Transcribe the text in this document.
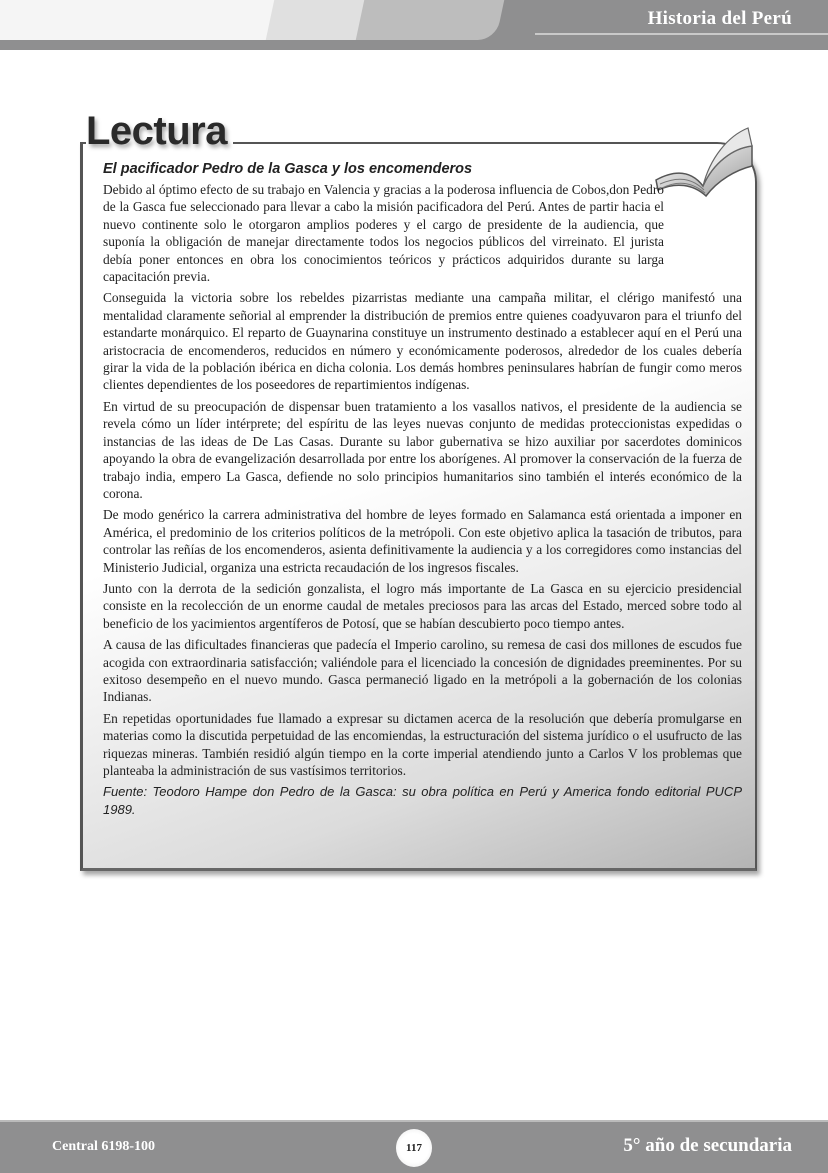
Historia del Perú
Lectura
El pacificador Pedro de la Gasca y los encomenderos

Debido al óptimo efecto de su trabajo en Valencia y gracias a la poderosa influencia de Cobos,don Pedro de la Gasca fue seleccionado para llevar a cabo la misión pacificadora del Perú. Antes de partir hacia el nuevo continente solo le otorgaron amplios poderes y el cargo de presidente de la audiencia, que suponía la obligación de manejar directamente todos los negocios públicos del virreinato. El jurista debía poner entonces en obra los conocimientos teóricos y prácticos adquiridos durante su larga capacitación previa.

Conseguida la victoria sobre los rebeldes pizarristas mediante una campaña militar, el clérigo manifestó una mentalidad claramente señorial al emprender la distribución de premios entre quienes coadyuvaron para el triunfo del estandarte monárquico. El reparto de Guaynarina constituye un instrumento destinado a establecer aquí en el Perú una aristocracia de encomenderos, reducidos en número y económicamente poderosos, alrededor de los cuales debería girar la vida de la población ibérica en dicha colonia. Los demás hombres peninsulares habrían de fungir como meros clientes dependientes de los poseedores de repartimientos indígenas.

En virtud de su preocupación de dispensar buen tratamiento a los vasallos nativos, el presidente de la audiencia se revela cómo un líder intérprete; del espíritu de las leyes nuevas conjunto de medidas proteccionistas expedidas o instancias de las ideas de De Las Casas. Durante su labor gubernativa se hizo auxiliar por sacerdotes dominicos apoyando la obra de evangelización desarrollada por entre los aborígenes. Al promover la conservación de la fuerza de trabajo india, empero La Gasca, defiende no solo principios humanitarios sino también el interés económico de la corona.

De modo genérico la carrera administrativa del hombre de leyes formado en Salamanca está orientada a imponer en América, el predominio de los criterios políticos de la metrópoli. Con este objetivo aplica la tasación de tributos, para controlar las reñías de los encomenderos, asienta definitivamente la audiencia y a los corregidores como instancias del Ministerio Judicial, organiza una estricta recaudación de los ingresos fiscales.

Junto con la derrota de la sedición gonzalista, el logro más importante de La Gasca en su ejercicio presidencial consiste en la recolección de un enorme caudal de metales preciosos para las arcas del Estado, merced sobre todo al beneficio de los yacimientos argentíferos de Potosí, que se habían descubierto poco tiempo antes.

A causa de las dificultades financieras que padecía el Imperio carolino, su remesa de casi dos millones de escudos fue acogida con extraordinaria satisfacción; valiéndole para el licenciado la concesión de dignidades preeminentes. Por su exitoso desempeño en el nuevo mundo. Gasca permaneció ligado en la metrópoli a la gobernación de los colonias Indianas.

En repetidas oportunidades fue llamado a expresar su dictamen acerca de la resolución que debería promulgarse en materias como la discutida perpetuidad de las encomiendas, la estructuración del sistema jurídico o el usufructo de las riquezas mineras. También residió algún tiempo en la corte imperial atendiendo junto a Carlos V los problemas que planteaba la administración de sus vastísimos territorios.

Fuente: Teodoro Hampe don Pedro de la Gasca: su obra política en Perú y America fondo editorial PUCP 1989.

Central 6198-100	117	5° año de secundaria
